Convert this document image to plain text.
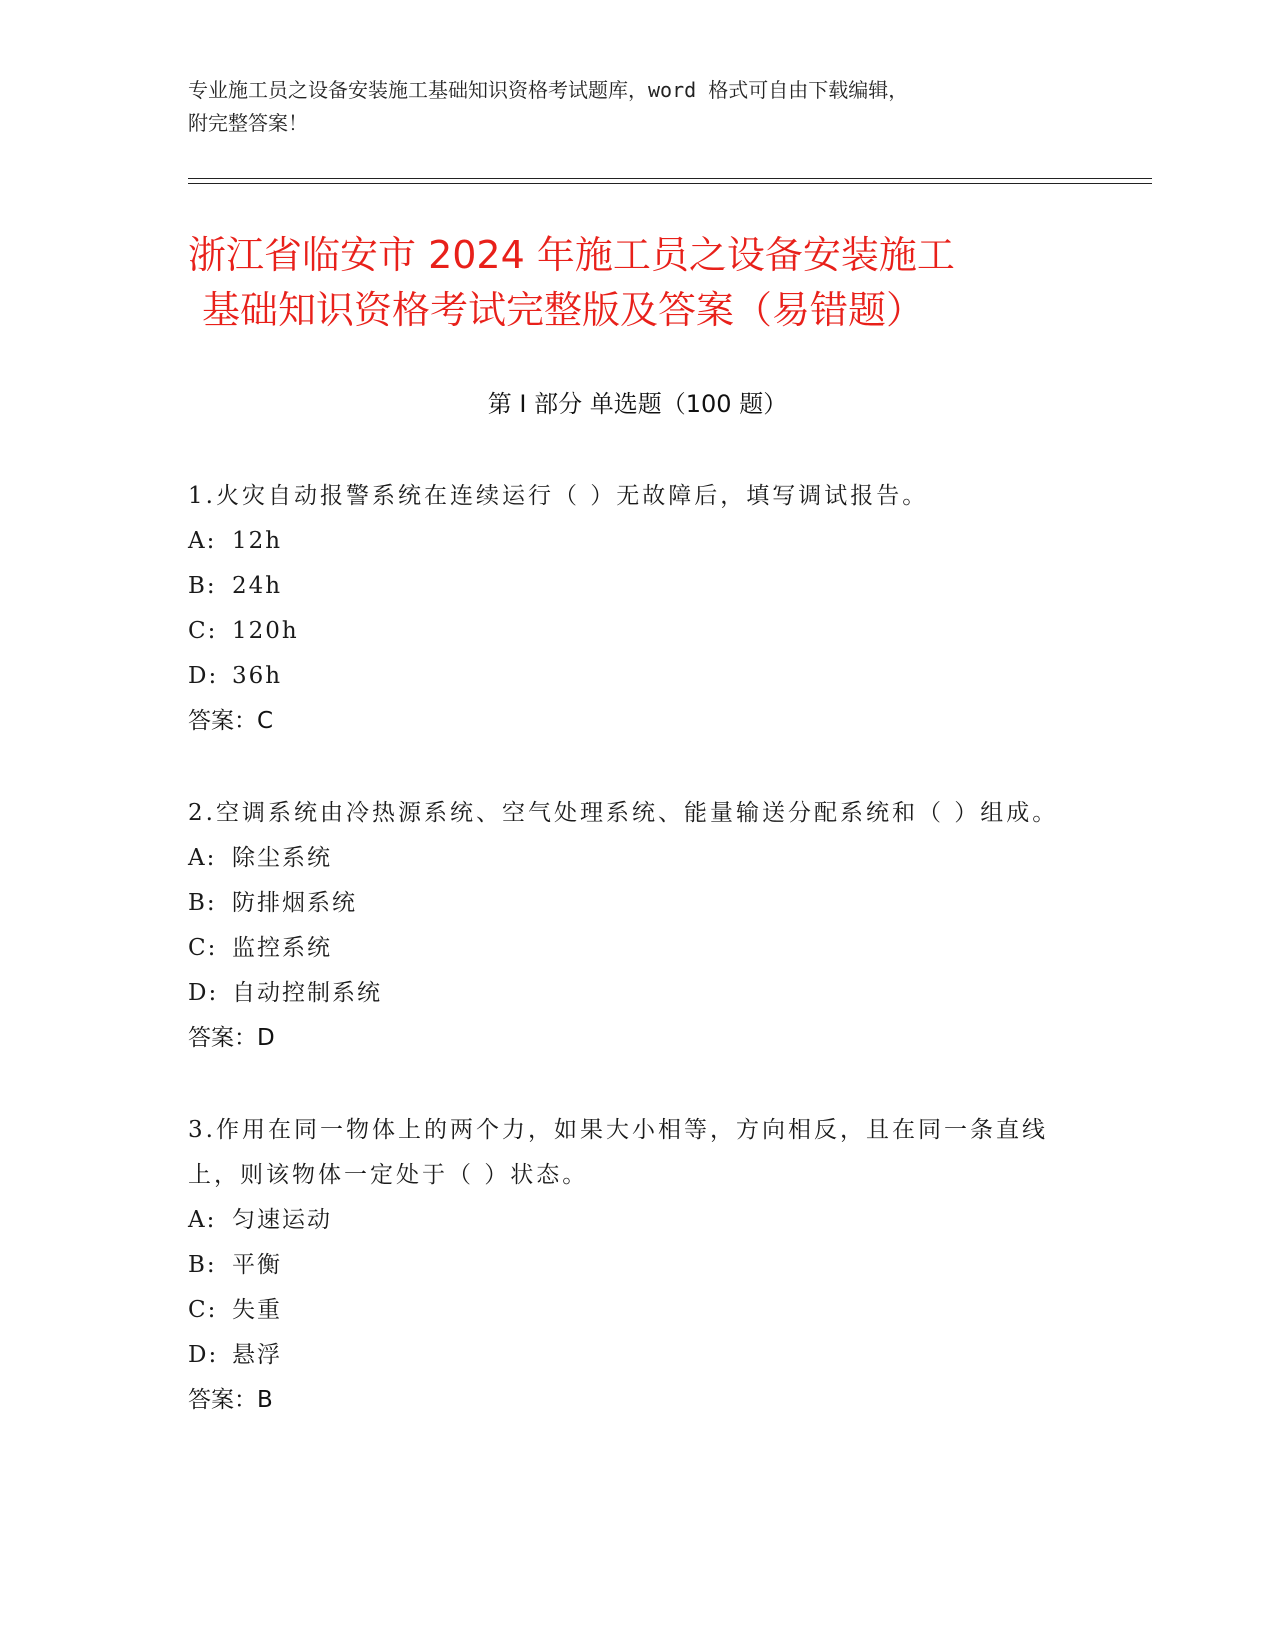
专业施工员之设备安装施工基础知识资格考试题库，word 格式可自由下载编辑，
附完整答案！
浙江省临安市 2024 年施工员之设备安装施工
基础知识资格考试完整版及答案（易错题）
第 I 部分 单选题（100 题）
1.火灾自动报警系统在连续运行（ ）无故障后，填写调试报告。
A: 12h
B: 24h
C: 120h
D: 36h
答案：C
2.空调系统由冷热源系统、空气处理系统、能量输送分配系统和（ ）组成。
A: 除尘系统
B: 防排烟系统
C: 监控系统
D: 自动控制系统
答案：D
3.作用在同一物体上的两个力，如果大小相等，方向相反，且在同一条直线上，则该物体一定处于（ ）状态。
A: 匀速运动
B: 平衡
C: 失重
D: 悬浮
答案：B
